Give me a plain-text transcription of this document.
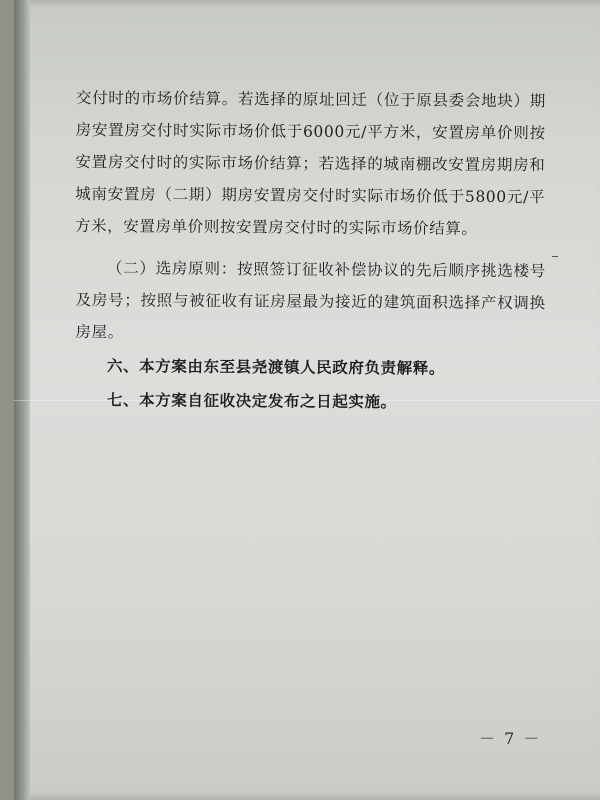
交付时的市场价结算。若选择的原址回迁（位于原县委会地块）期房安置房交付时实际市场价低于6000元/平方米，安置房单价则按安置房交付时的实际市场价结算；若选择的城南棚改安置房期房和城南安置房（二期）期房安置房交付时实际市场价低于5800元/平方米，安置房单价则按安置房交付时的实际市场价结算。

（二）选房原则：按照签订征收补偿协议的先后顺序挑选楼号及房号；按照与被征收有证房屋最为接近的建筑面积选择产权调换房屋。

六、本方案由东至县尧渡镇人民政府负责解释。

七、本方案自征收决定发布之日起实施。

－ 7 －
